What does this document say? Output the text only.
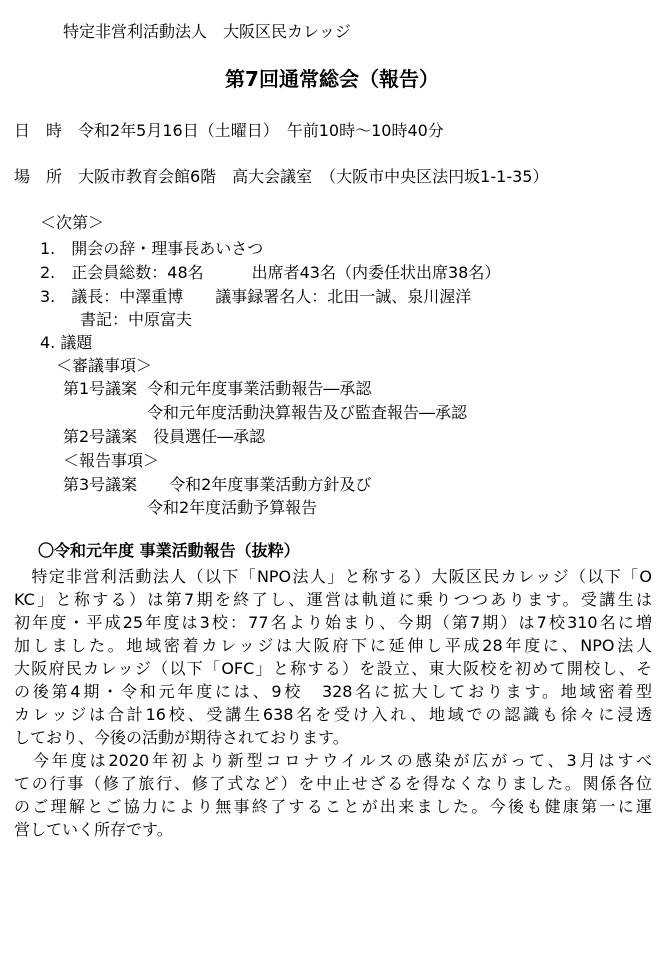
特定非営利活動法人　大阪区民カレッジ
第7回通常総会（報告）
日　時　令和2年5月16日（土曜日）　午前10時〜10時40分
場　所　大阪市教育会館6階　高大会議室　（大阪市中央区法円坂1-1-35）
＜次第＞
1.　開会の辞・理事長あいさつ
2.　正会員総数：48名　　　出席者43名（内委任状出席38名）
3.　議長：中澤重博　　議事録署名人：北田一誠、泉川渥洋
書記：中原富夫
4. 議題
＜審議事項＞
第1号議案  令和元年度事業活動報告―承認
令和元年度活動決算報告及び監査報告―承認
第2号議案　役員選任―承認
＜報告事項＞
第3号議案　　令和2年度事業活動方針及び
令和2年度活動予算報告
〇令和元年度 事業活動報告（抜粋）
　特定非営利活動法人（以下「NPO法人」と称する）大阪区民カレッジ（以下「O
KC」と称する）は第7期を終了し、運営は軌道に乗りつつあります。受講生は
初年度・平成25年度は3校：77名より始まり、今期（第7期）は7校310名に増
加しました。地域密着カレッジは大阪府下に延伸し平成28年度に、NPO法人
大阪府民カレッジ（以下「OFC」と称する）を設立、東大阪校を初めて開校し、そ
の後第4期・令和元年度には、9校　328名に拡大しております。地域密着型
カレッジは合計16校、受講生638名を受け入れ、地域での認識も徐々に浸透
しており、今後の活動が期待されております。
　今年度は2020年初より新型コロナウイルスの感染が広がって、3月はすべ
ての行事（修了旅行、修了式など）を中止せざるを得なくなりました。関係各位
のご理解とご協力により無事終了することが出来ました。今後も健康第一に運
営していく所存です。
